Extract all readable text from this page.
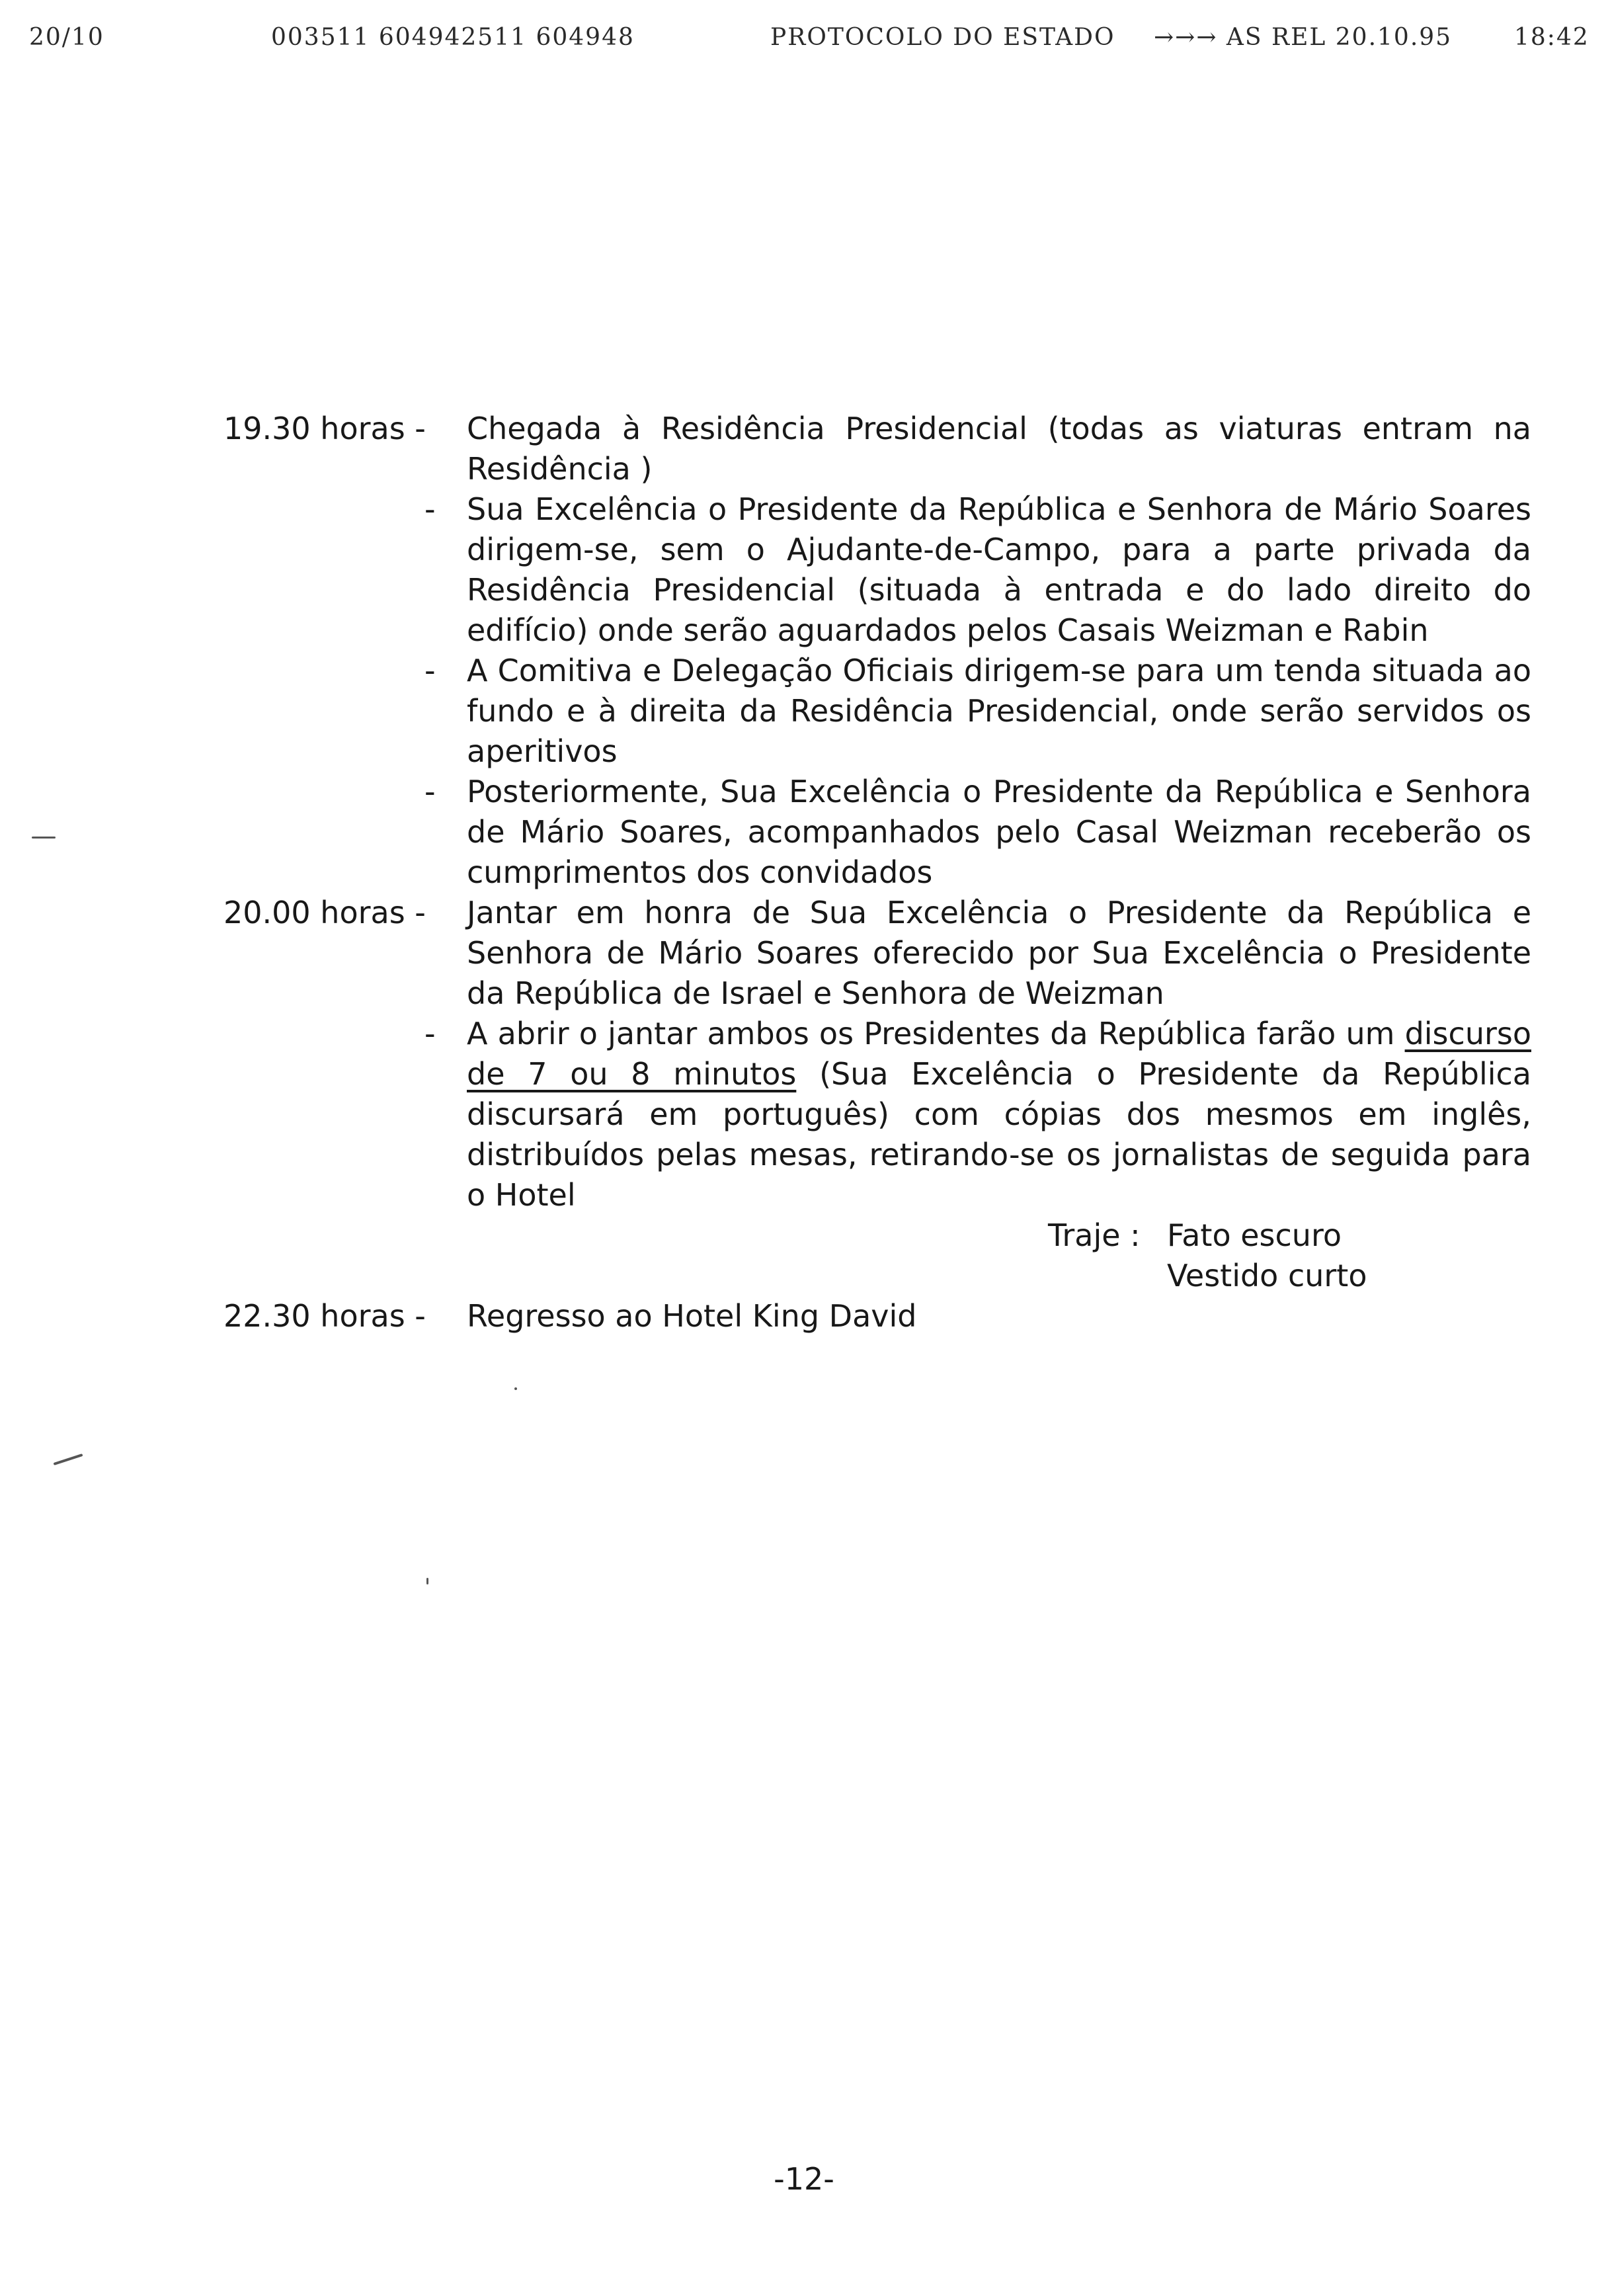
20/10	003511 604942511 604948	PROTOCOLO DO ESTADO →→→ AS REL 20.10.95	18:42
19.30 horas -	Chegada à Residência Presidencial (todas as viaturas entram na Residência )
- Sua Excelência o Presidente da República e Senhora de Mário Soares dirigem-se, sem o Ajudante-de-Campo, para a parte privada da Residência Presidencial (situada à entrada e do lado direito do edifício) onde serão aguardados pelos Casais Weizman e Rabin
- A Comitiva e Delegação Oficiais dirigem-se para um tenda situada ao fundo e à direita da Residência Presidencial, onde serão servidos os aperitivos
- Posteriormente, Sua Excelência o Presidente da República e Senhora de Mário Soares, acompanhados pelo Casal Weizman receberão os cumprimentos dos convidados
20.00 horas -	Jantar em honra de Sua Excelência o Presidente da República e Senhora de Mário Soares oferecido por Sua Excelência o Presidente da República de Israel e Senhora de Weizman
- A abrir o jantar ambos os Presidentes da República farão um discurso de 7 ou 8 minutos (Sua Excelência o Presidente da República discursará em português) com cópias dos mesmos em inglês, distribuídos pelas mesas, retirando-se os jornalistas de seguida para o Hotel
Traje : Fato escuro
Vestido curto
22.30 horas -	Regresso ao Hotel King David
-12-
